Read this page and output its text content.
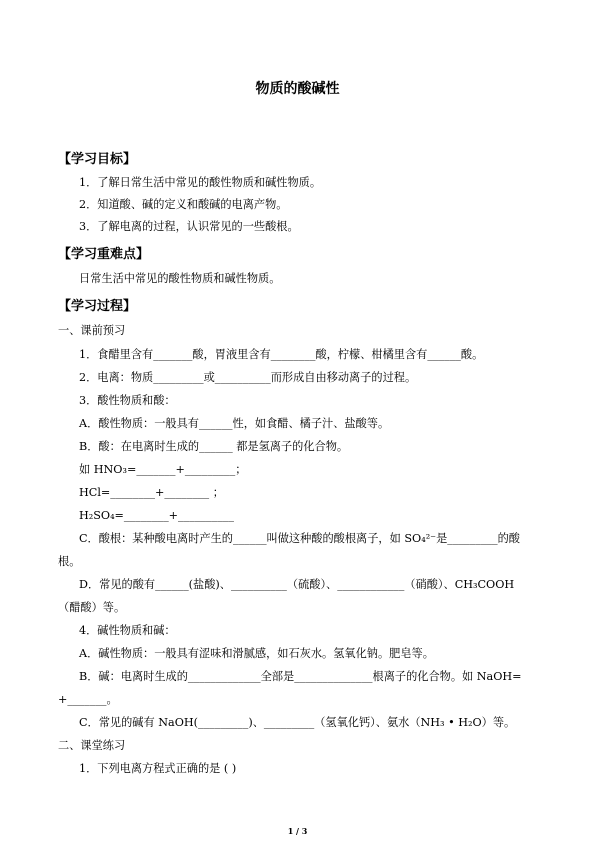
物质的酸碱性
【学习目标】
1．了解日常生活中常见的酸性物质和碱性物质。
2．知道酸、碱的定义和酸碱的电离产物。
3．了解电离的过程，认识常见的一些酸根。
【学习重难点】
日常生活中常见的酸性物质和碱性物质。
【学习过程】
一、课前预习
1．食醋里含有_______酸，胃液里含有________酸，柠檬、柑橘里含有______酸。
2．电离：物质_________或__________而形成自由移动离子的过程。
3．酸性物质和酸：
A．酸性物质：一般具有______性，如食醋、橘子汁、盐酸等。
B．酸：在电离时生成的______ 都是氢离子的化合物。
如 HNO₃=_______+_________；
HCl=________+________ ；
H₂SO₄=________+__________
C．酸根：某种酸电离时产生的______叫做这种酸的酸根离子，如 SO₄²⁻是_________的酸
根。
D．常见的酸有______(盐酸)、__________（硫酸）、____________（硝酸）、CH₃COOH
（醋酸）等。
4．碱性物质和碱：
A．碱性物质：一般具有涩味和滑腻感，如石灰水。氢氧化钠。肥皂等。
B．碱：电离时生成的_____________全部是______________根离子的化合物。如 NaOH=
+_______。
C．常见的碱有 NaOH(_________)、_________（氢氧化钙）、氨水（NH₃ • H₂O）等。
二、课堂练习
1．下列电离方程式正确的是 ( )
1 / 3
